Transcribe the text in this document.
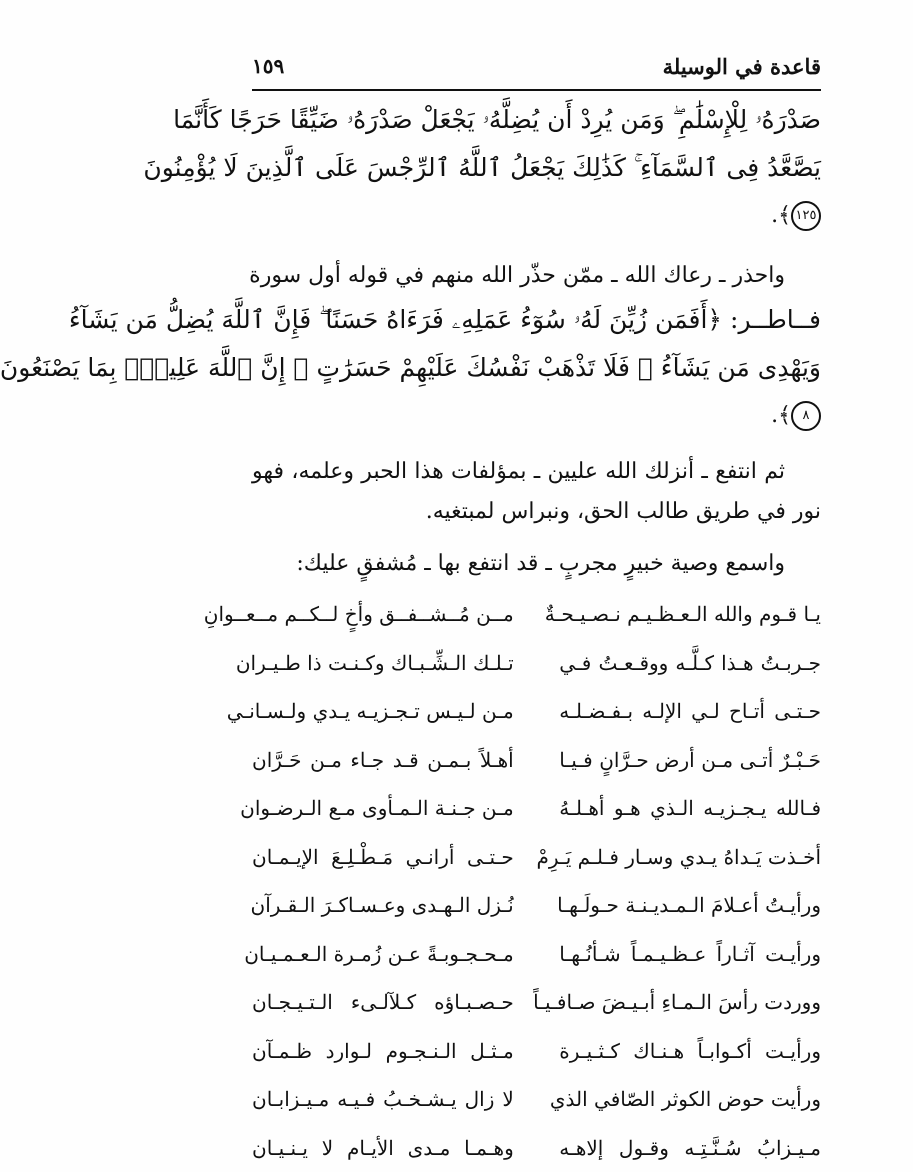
قاعدة في الوسيلة
١٥٩
صَدْرَهُۥ لِلْإِسْلَٰمِ ۖ وَمَن يُرِدْ أَن يُضِلَّهُۥ يَجْعَلْ صَدْرَهُۥ ضَيِّقًا حَرَجًا كَأَنَّمَا
يَصَّعَّدُ فِى ٱلسَّمَآءِ ۚ كَذَٰلِكَ يَجْعَلُ ٱللَّهُ ٱلرِّجْسَ عَلَى ٱلَّذِينَ لَا يُؤْمِنُونَ
١٢٥﴾.
واحذر ـ رعاك الله ـ ممّن حذّر الله منهم في قوله أول سورة
فــاطــر: ﴿أَفَمَن زُيِّنَ لَهُۥ سُوٓءُ عَمَلِهِۦ فَرَءَاهُ حَسَنًا ۖ فَإِنَّ ٱللَّهَ يُضِلُّ مَن يَشَآءُ
وَيَهْدِى مَن يَشَآءُ ۖ فَلَا تَذْهَبْ نَفْسُكَ عَلَيْهِمْ حَسَرَٰتٍ ۚ إِنَّ ٱللَّهَ عَلِيمٌۢ بِمَا يَصْنَعُونَ
٨﴾.
ثم انتفع ـ أنزلك الله عليين ـ بمؤلفات هذا الحبر وعلمه، فهو
نور في طريق طالب الحق، ونبراس لمبتغيه.
واسمع وصية خبيرٍ مجربٍ ـ قد انتفع بها ـ مُشفقٍ عليك:
يـا قـوم والله الـعـظـيـم نـصـيـحـةٌ
مــن مُــشــفــق وأخٍ لــكــم مــعــوانِ
جـربـتُ هـذا كـلَّـه ووقـعـتُ فـي
تـلـك الـشِّـبـاك وكـنـت ذا طـيـران
حـتـى أتـاح لـي الإلـه بـفـضـلـه
مـن لـيـس تـجـزيـه يـدي ولـسـانـي
حَـبْـرٌ أتـى مـن أرض حـرَّانٍ فـيـا
أهـلاً بـمـن قـد جـاء مـن حَـرَّان
فـالله يـجـزيـه الـذي هـو أهـلـهُ
مـن جـنـة الـمـأوى مـع الـرضـوان
أخـذت يَـداهُ يـدي وسـار فـلـم يَـرِمْ
حـتـى أرانـي مَـطْـلِـعَ الإيـمـان
ورأيـتُ أعـلامَ الـمـديـنـة حـولَـهـا
نُـزل الـهـدى وعـسـاكـرَ الـقـرآن
ورأيـت آثـاراً عـظـيـمـاً شـأنُـهـا
مـحـجـوبـةً عـن زُمـرة الـعـمـيـان
ووردت رأسَ الـمـاءِ أبـيـضَ صـافـيـاً
حـصـبـاؤه كـلآلـىء الـتـيـجـان
ورأيـت أكـوابـاً هـنـاك كـثـيـرة
مـثـل الـنـجـوم لـوارد ظـمـآن
ورأيت حوض الكوثر الصّافي الذي
لا زال يـشـخـبُ فـيـه مـيـزابـان
مـيـزابُ سُـنَّـتِـه وقـول إلاهـه
وهـمـا مـدى الأيـام لا يـنـيـان
